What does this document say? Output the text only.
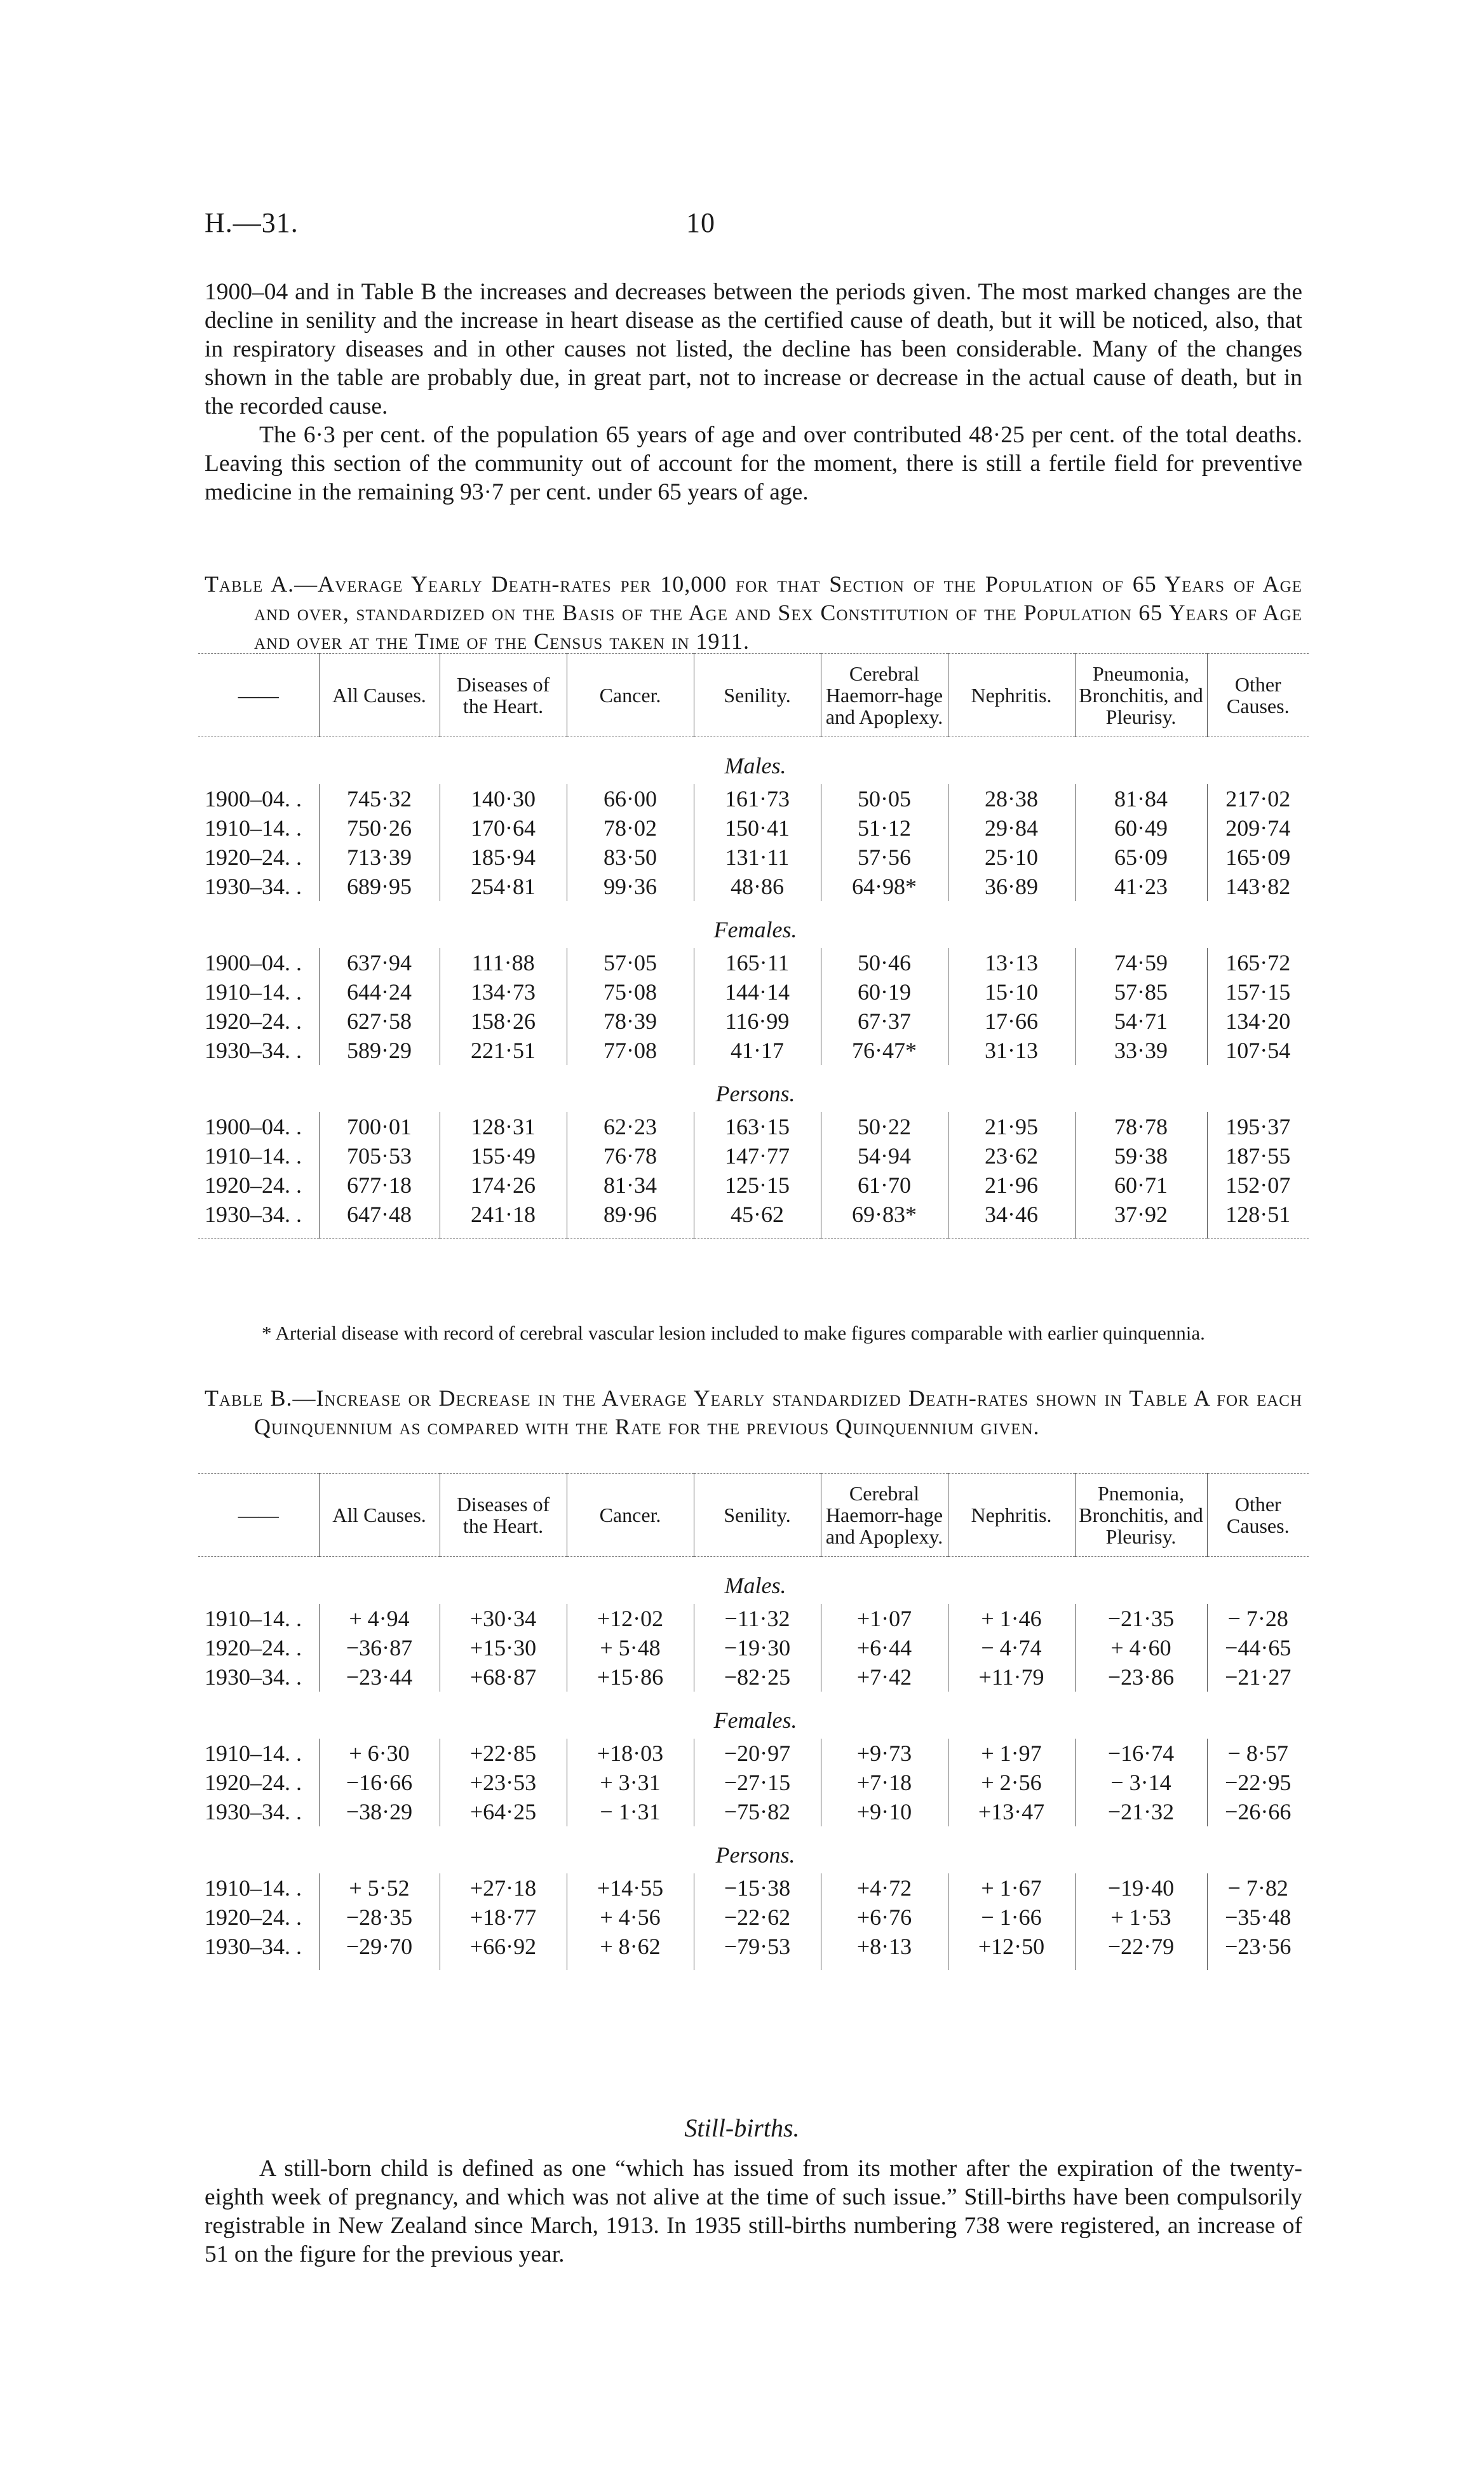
H.—31.	10

1900–04 and in Table B the increases and decreases between the periods given. The most marked changes are the decline in senility and the increase in heart disease as the certified cause of death, but it will be noticed, also, that in respiratory diseases and in other causes not listed, the decline has been considerable. Many of the changes shown in the table are probably due, in great part, not to increase or decrease in the actual cause of death, but in the recorded cause.

The 6·3 per cent. of the population 65 years of age and over contributed 48·25 per cent. of the total deaths. Leaving this section of the community out of account for the moment, there is still a fertile field for preventive medicine in the remaining 93·7 per cent. under 65 years of age.

Table A.—Average Yearly Death-rates per 10,000 for that Section of the Population of 65 Years of Age and over, standardized on the Basis of the Age and Sex Constitution of the Population 65 Years of Age and over at the Time of the Census taken in 1911.
——	All Causes.	Diseases of the Heart.	Cancer.	Senility.	Cerebral Haemorr-hage and Apoplexy.	Nephritis.	Pneumonia, Bronchitis, and Pleurisy.	Other Causes.
Males.								
1900–04. .	745·32	140·30	66·00	161·73	50·05	28·38	81·84	217·02
1910–14. .	750·26	170·64	78·02	150·41	51·12	29·84	60·49	209·74
1920–24. .	713·39	185·94	83·50	131·11	57·56	25·10	65·09	165·09
1930–34. .	689·95	254·81	99·36	48·86	64·98*	36·89	41·23	143·82
Females.								
1900–04. .	637·94	111·88	57·05	165·11	50·46	13·13	74·59	165·72
1910–14. .	644·24	134·73	75·08	144·14	60·19	15·10	57·85	157·15
1920–24. .	627·58	158·26	78·39	116·99	67·37	17·66	54·71	134·20
1930–34. .	589·29	221·51	77·08	41·17	76·47*	31·13	33·39	107·54
Persons.								
1900–04. .	700·01	128·31	62·23	163·15	50·22	21·95	78·78	195·37
1910–14. .	705·53	155·49	76·78	147·77	54·94	23·62	59·38	187·55
1920–24. .	677·18	174·26	81·34	125·15	61·70	21·96	60·71	152·07
1930–34. .	647·48	241·18	89·96	45·62	69·83*	34·46	37·92	128·51

* Arterial disease with record of cerebral vascular lesion included to make figures comparable with earlier quinquennia.

Table B.—Increase or Decrease in the Average Yearly standardized Death-rates shown in Table A for each Quinquennium as compared with the Rate for the previous Quinquennium given.
——	All Causes.	Diseases of the Heart.	Cancer.	Senility.	Cerebral Haemorr-hage and Apoplexy.	Nephritis.	Pnemonia, Bronchitis, and Pleurisy.	Other Causes.
Males.								
1910–14. .	+ 4·94	+30·34	+12·02	−11·32	+1·07	+ 1·46	−21·35	− 7·28
1920–24. .	−36·87	+15·30	+ 5·48	−19·30	+6·44	− 4·74	+ 4·60	−44·65
1930–34. .	−23·44	+68·87	+15·86	−82·25	+7·42	+11·79	−23·86	−21·27
Females.								
1910–14. .	+ 6·30	+22·85	+18·03	−20·97	+9·73	+ 1·97	−16·74	− 8·57
1920–24. .	−16·66	+23·53	+ 3·31	−27·15	+7·18	+ 2·56	− 3·14	−22·95
1930–34. .	−38·29	+64·25	− 1·31	−75·82	+9·10	+13·47	−21·32	−26·66
Persons.								
1910–14. .	+ 5·52	+27·18	+14·55	−15·38	+4·72	+ 1·67	−19·40	− 7·82
1920–24. .	−28·35	+18·77	+ 4·56	−22·62	+6·76	− 1·66	+ 1·53	−35·48
1930–34. .	−29·70	+66·92	+ 8·62	−79·53	+8·13	+12·50	−22·79	−23·56
Still-births.

A still-born child is defined as one “which has issued from its mother after the expiration of the twenty-eighth week of pregnancy, and which was not alive at the time of such issue.” Still-births have been compulsorily registrable in New Zealand since March, 1913. In 1935 still-births numbering 738 were registered, an increase of 51 on the figure for the previous year.
